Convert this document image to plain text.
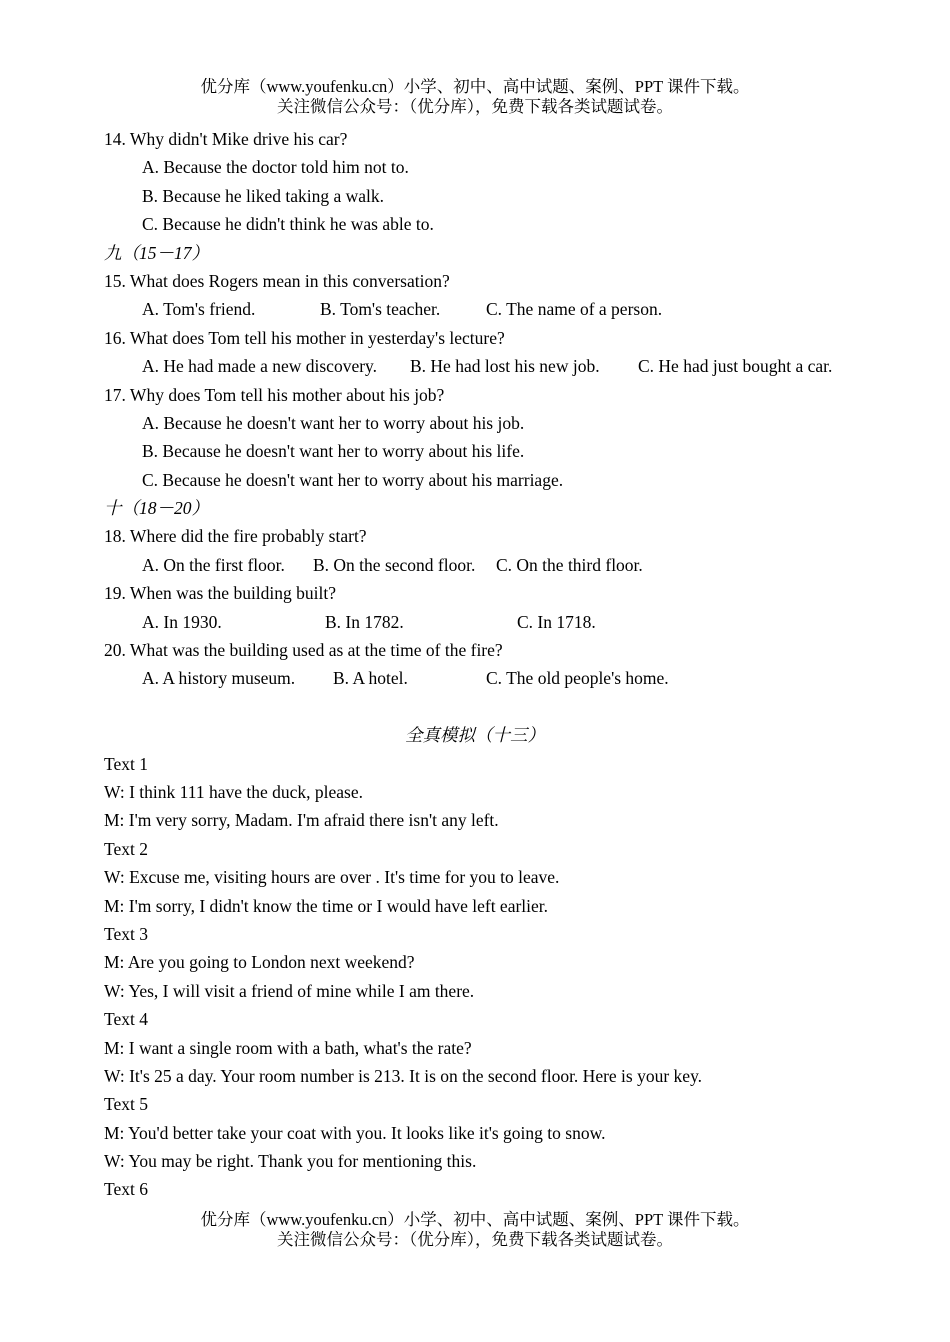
优分库（www.youfenku.cn）小学、初中、高中试题、案例、PPT 课件下载。
关注微信公众号：（优分库），免费下载各类试题试卷。
14. Why didn't Mike drive his car?
A. Because the doctor told him not to.
B. Because he liked taking a walk.
C. Because he didn't think he was able to.
九（15－17）
15. What does Rogers mean in this conversation?
A. Tom's friend.	B. Tom's teacher.	C. The name of a person.
16. What does Tom tell his mother in yesterday's lecture?
A. He had made a new discovery. B. He had lost his new job. C. He had just bought a car.
17. Why does Tom tell his mother about his job?
A. Because he doesn't want her to worry about his job.
B. Because he doesn't want her to worry about his life.
C. Because he doesn't want her to worry about his marriage.
十（18－20）
18. Where did the fire probably start?
A. On the first floor. B. On the second floor. C. On the third floor.
19. When was the building built?
A. In 1930.	B. In 1782.	C. In 1718.
20. What was the building used as at the time of the fire?
A. A history museum. B. A hotel.	C. The old people's home.
全真模拟（十三）
Text 1
W: I think 111 have the duck, please.
M: I'm very sorry, Madam. I'm afraid there isn't any left.
Text 2
W: Excuse me, visiting hours are over . It's time for you to leave.
M: I'm sorry, I didn't know the time or I would have left earlier.
Text 3
M: Are you going to London next weekend?
W: Yes, I will visit a friend of mine while I am there.
Text 4
M: I want a single room with a bath, what's the rate?
W: It's 25 a day. Your room number is 213. It is on the second floor. Here is your key.
Text 5
M: You'd better take your coat with you. It looks like it's going to snow.
W: You may be right. Thank you for mentioning this.
Text 6
优分库（www.youfenku.cn）小学、初中、高中试题、案例、PPT 课件下载。
关注微信公众号：（优分库），免费下载各类试题试卷。
